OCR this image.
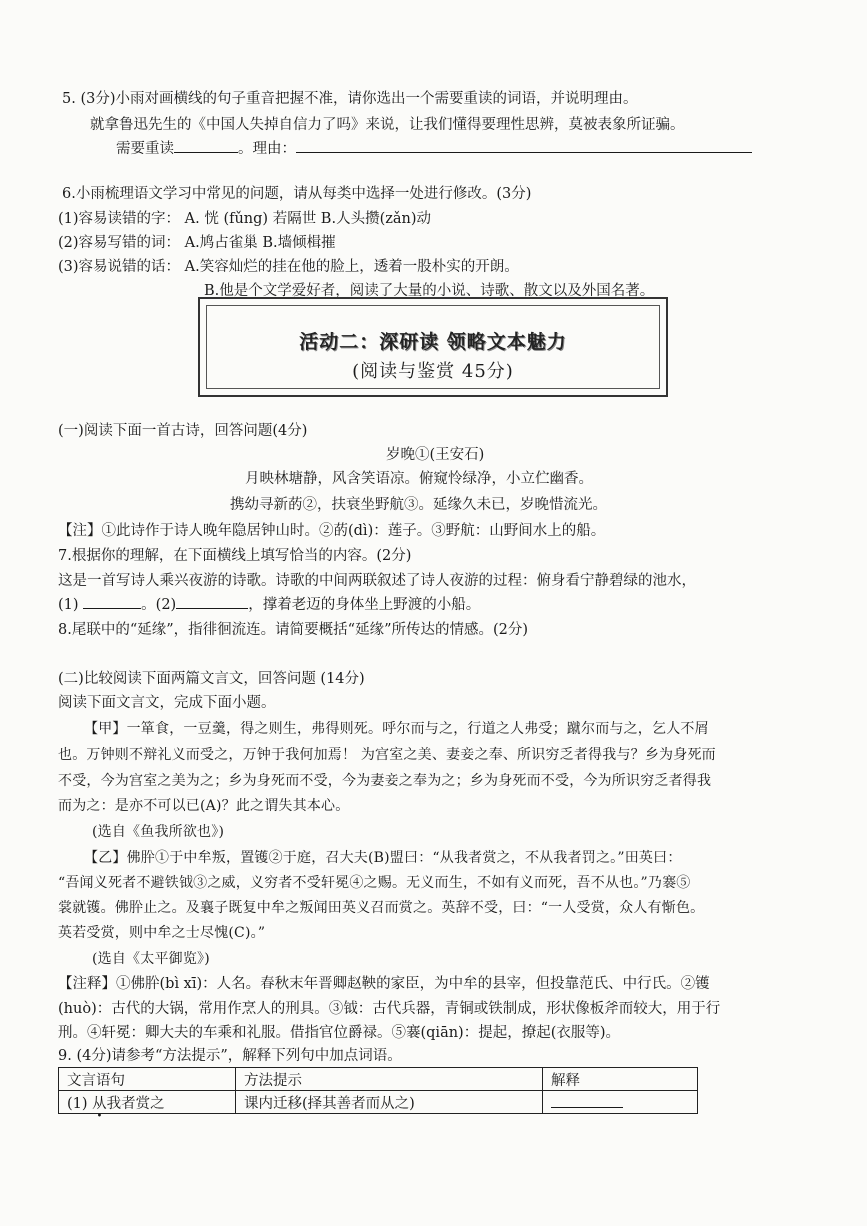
5. (3分)小雨对画横线的句子重音把握不准，请你选出一个需要重读的词语，并说明理由。
就拿鲁迅先生的《中国人失掉自信力了吗》来说，让我们懂得要理性思辨，莫被表象所证骗。
需要重读	。理由：
6.小雨梳理语文学习中常见的问题，请从每类中选择一处进行修改。(3分)
(1)容易读错的字： A. 恍 (fǔng) 若隔世 B.人头攒(zǎn)动
(2)容易写错的词： A.鸠占雀巢 B.墙倾楫摧
(3)容易说错的话： A.笑容灿烂的挂在他的脸上，透着一股朴实的开朗。
B.他是个文学爱好者，阅读了大量的小说、诗歌、散文以及外国名著。
活动二：深研读 领略文本魅力
(阅读与鉴赏 45分)
(一)阅读下面一首古诗，回答问题(4分)
岁晚①(王安石)
月映林塘静，风含笑语凉。俯窥怜绿净，小立伫幽香。
携幼寻新菂②，扶衰坐野航③。延缘久未已，岁晚惜流光。
【注】①此诗作于诗人晚年隐居钟山时。②菂(dì)：莲子。③野航：山野间水上的船。
7.根据你的理解，在下面横线上填写恰当的内容。(2分)
这是一首写诗人乘兴夜游的诗歌。诗歌的中间两联叙述了诗人夜游的过程：俯身看宁静碧绿的池水，
(1)	。(2)	，撑着老迈的身体坐上野渡的小船。
8.尾联中的“延缘”，指徘徊流连。请简要概括“延缘”所传达的情感。(2分)
(二)比较阅读下面两篇文言文，回答问题 (14分)
阅读下面文言文，完成下面小题。
【甲】一箪食，一豆羹，得之则生，弗得则死。呼尔而与之，行道之人弗受；蹴尔而与之，乞人不屑
也。万钟则不辩礼义而受之，万钟于我何加焉！ 为宫室之美、妻妾之奉、所识穷乏者得我与？乡为身死而
不受，今为宫室之美为之；乡为身死而不受，今为妻妾之奉为之；乡为身死而不受，今为所识穷乏者得我
而为之：是亦不可以已(A)？此之谓失其本心。
(选自《鱼我所欲也》)
【乙】佛肸①于中牟叛，置镬②于庭，召大夫(B)盟曰：“从我者赏之，不从我者罚之。”田英曰：
“吾闻义死者不避铁钺③之威，义穷者不受轩冕④之赐。无义而生，不如有义而死，吾不从也。”乃褰⑤
裳就镬。佛肸止之。及襄子既复中牟之叛闻田英义召而赏之。英辞不受，曰：“一人受赏，众人有惭色。
英若受赏，则中牟之士尽愧(C)。”
(选自《太平御览》)
【注释】①佛肸(bì xī)：人名。春秋末年晋卿赵鞅的家臣，为中牟的县宰，但投靠范氏、中行氏。②镬
(huò)：古代的大锅，常用作烹人的刑具。③钺：古代兵器，青铜或铁制成，形状像板斧而较大，用于行
刑。④轩冕：卿大夫的车乘和礼服。借指官位爵禄。⑤褰(qiān)：提起，撩起(衣服等)。
9. (4分)请参考“方法提示”，解释下列句中加点词语。
文言语句	方法提示	解释
(1) 从我者赏之	课内迁移(择其善者而从之)	
